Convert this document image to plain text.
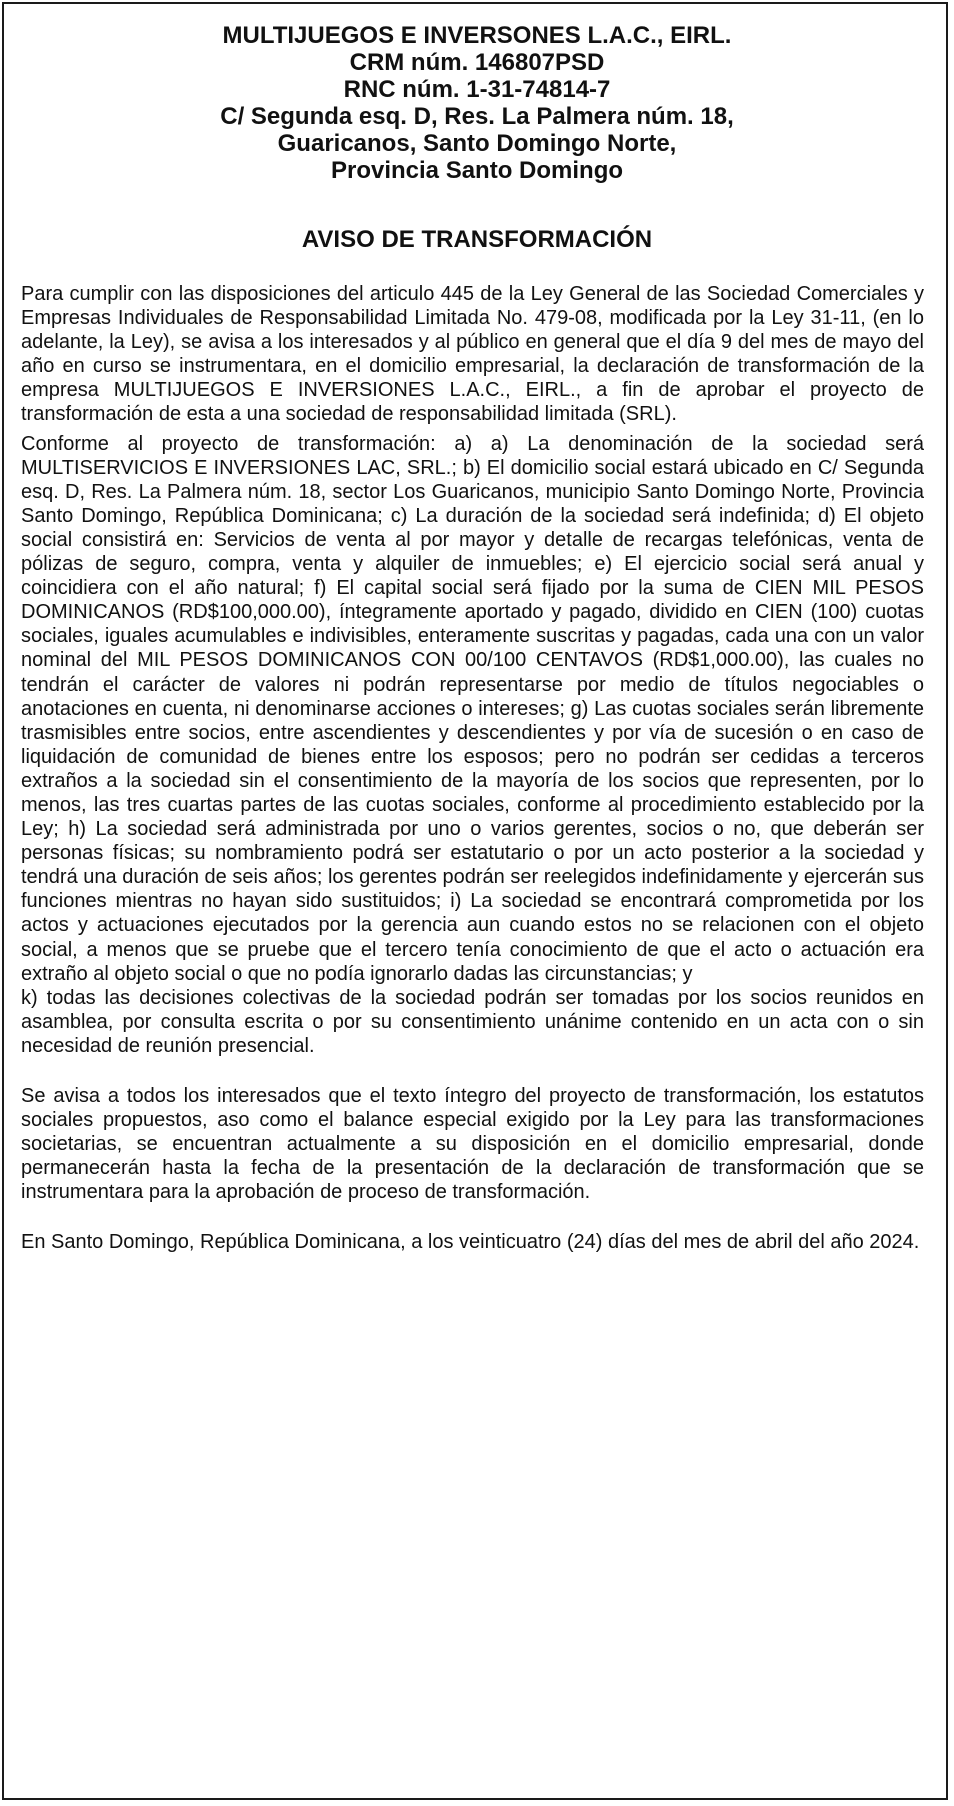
MULTIJUEGOS E INVERSONES L.A.C., EIRL.
CRM núm. 146807PSD
RNC núm. 1-31-74814-7
C/ Segunda esq. D, Res. La Palmera núm. 18,
Guaricanos, Santo Domingo Norte,
Provincia Santo Domingo
AVISO DE TRANSFORMACIÓN

Para cumplir con las disposiciones del articulo 445 de la Ley General de las Sociedad Comerciales y Empresas Individuales de Responsabilidad Limitada No. 479-08, modificada por la Ley 31-11, (en lo adelante, la Ley), se avisa a los interesados y al público en general que el día 9 del mes de mayo del año en curso se instrumentara, en el domicilio empresarial, la declaración de transformación de la empresa MULTIJUEGOS E INVERSIONES L.A.C., EIRL., a fin de aprobar el proyecto de transformación de esta a una sociedad de responsabilidad limitada (SRL).

Conforme al proyecto de transformación: a) a) La denominación de la sociedad será MULTISERVICIOS E INVERSIONES LAC, SRL.; b) El domicilio social estará ubicado en C/ Segunda esq. D, Res. La Palmera núm. 18, sector Los Guaricanos, municipio Santo Domingo Norte, Provincia Santo Domingo, República Dominicana; c) La duración de la sociedad será indefinida; d) El objeto social consistirá en: Servicios de venta al por mayor y detalle de recargas telefónicas, venta de pólizas de seguro, compra, venta y alquiler de inmuebles; e) El ejercicio social será anual y coincidiera con el año natural; f) El capital social será fijado por la suma de CIEN MIL PESOS DOMINICANOS (RD$100,000.00), íntegramente aportado y pagado, dividido en CIEN (100) cuotas sociales, iguales acumulables e indivisibles, enteramente suscritas y pagadas, cada una con un valor nominal del MIL PESOS DOMINICANOS CON 00/100 CENTAVOS (RD$1,000.00), las cuales no tendrán el carácter de valores ni podrán representarse por medio de títulos negociables o anotaciones en cuenta, ni denominarse acciones o intereses; g) Las cuotas sociales serán libremente trasmisibles entre socios, entre ascendientes y descendientes y por vía de sucesión o en caso de liquidación de comunidad de bienes entre los esposos; pero no podrán ser cedidas a terceros extraños a la sociedad sin el consentimiento de la mayoría de los socios que representen, por lo menos, las tres cuartas partes de las cuotas sociales, conforme al procedimiento establecido por la Ley; h) La sociedad será administrada por uno o varios gerentes, socios o no, que deberán ser personas físicas; su nombramiento podrá ser estatutario o por un acto posterior a la sociedad y tendrá una duración de seis años; los gerentes podrán ser reelegidos indefinidamente y ejercerán sus funciones mientras no hayan sido sustituidos; i) La sociedad se encontrará comprometida por los actos y actuaciones ejecutados por la gerencia aun cuando estos no se relacionen con el objeto social, a menos que se pruebe que el tercero tenía conocimiento de que el acto o actuación era extraño al objeto social o que no podía ignorarlo dadas las circunstancias; y

k) todas las decisiones colectivas de la sociedad podrán ser tomadas por los socios reunidos en asamblea, por consulta escrita o por su consentimiento unánime contenido en un acta con o sin necesidad de reunión presencial.

Se avisa a todos los interesados que el texto íntegro del proyecto de transformación, los estatutos sociales propuestos, aso como el balance especial exigido por la Ley para las transformaciones societarias, se encuentran actualmente a su disposición en el domicilio empresarial, donde permanecerán hasta la fecha de la presentación de la declaración de transformación que se instrumentara para la aprobación de proceso de transformación.

En Santo Domingo, República Dominicana, a los veinticuatro (24) días del mes de abril del año 2024.
